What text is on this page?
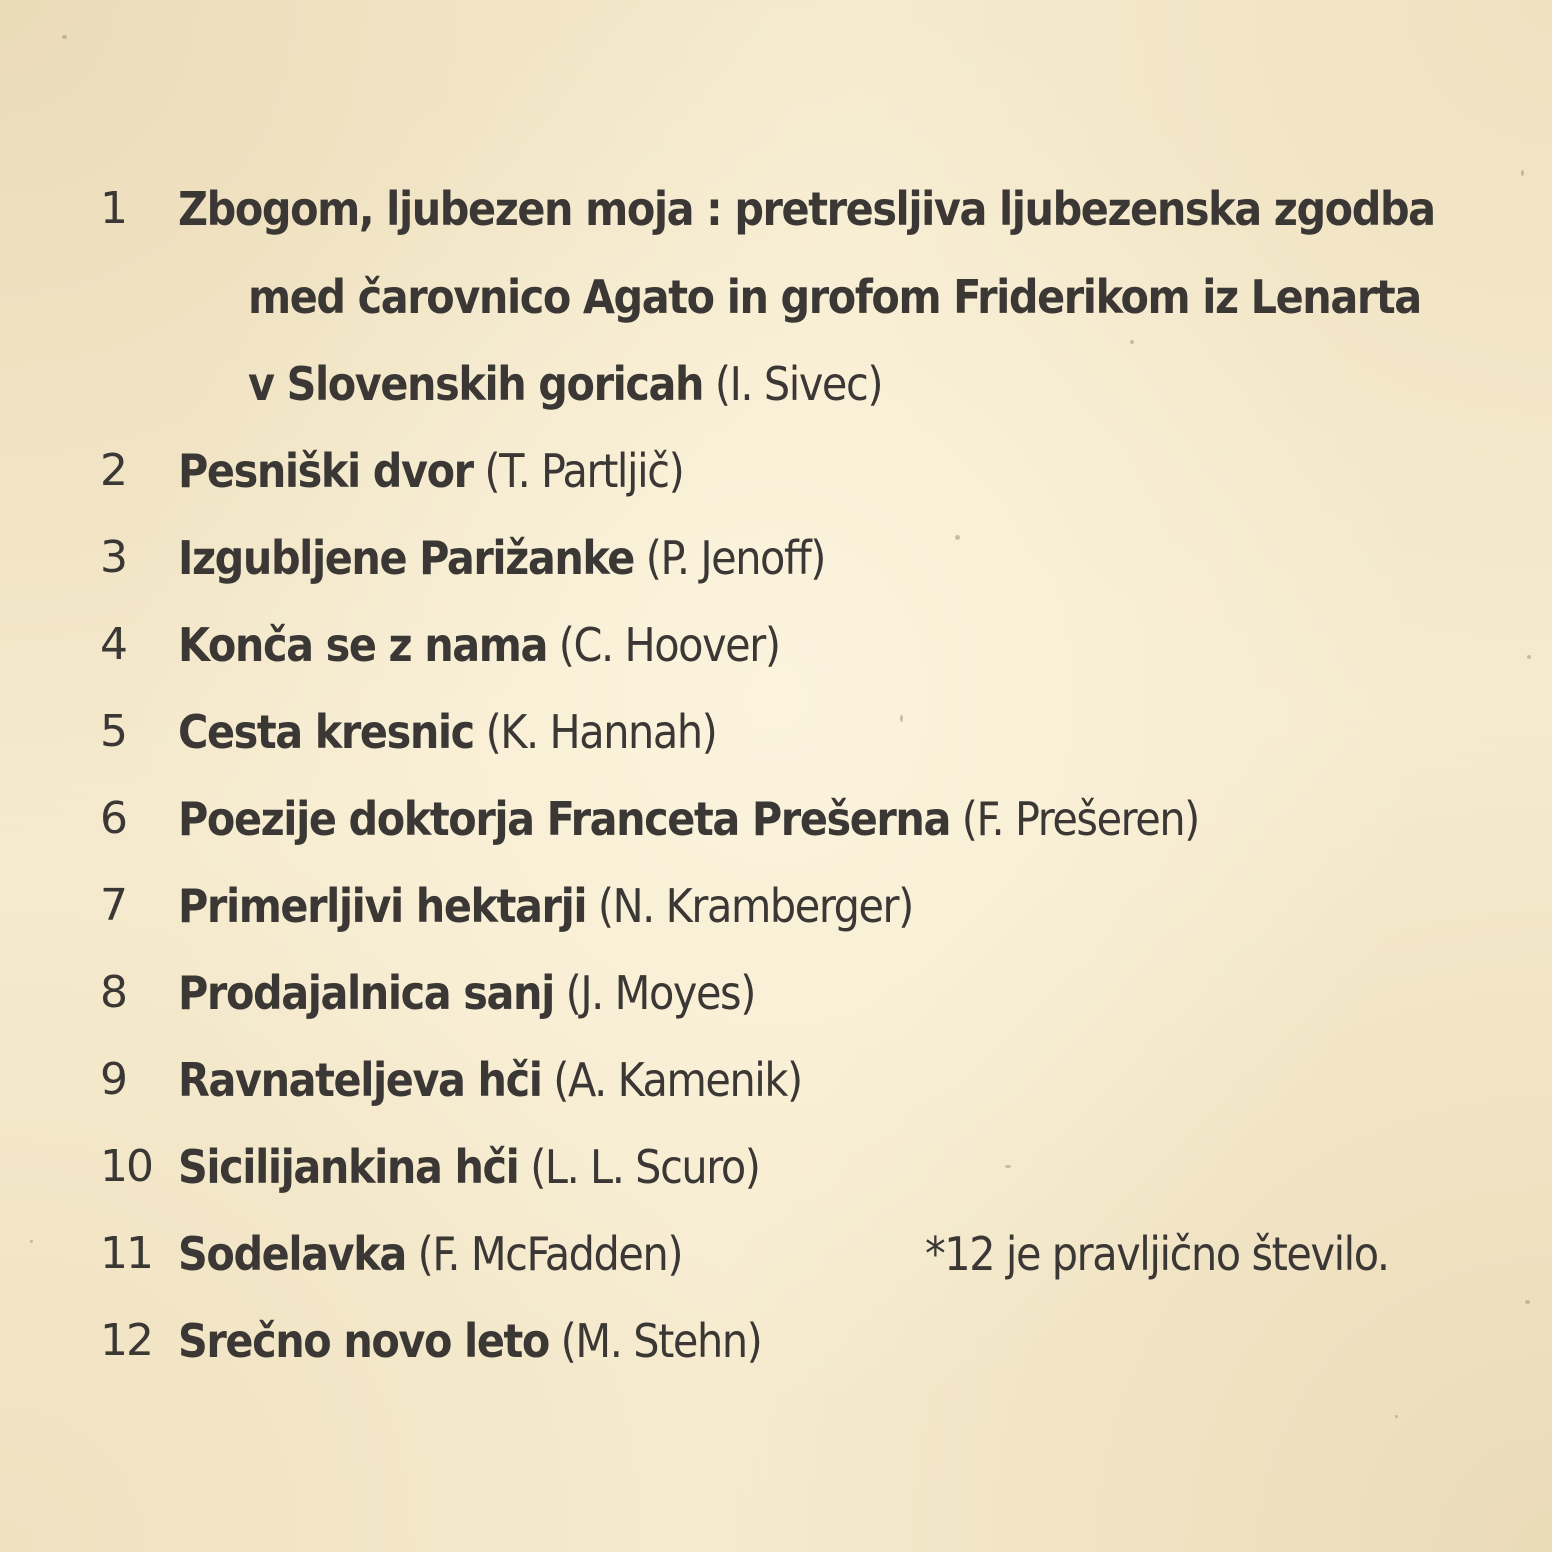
1 Zbogom, ljubezen moja : pretresljiva ljubezenska zgodba
med čarovnico Agato in grofom Friderikom iz Lenarta
v Slovenskih goricah (I. Sivec)
2 Pesniški dvor (T. Partljič)
3 Izgubljene Parižanke (P. Jenoff)
4 Konča se z nama (C. Hoover)
5 Cesta kresnic (K. Hannah)
6 Poezije doktorja Franceta Prešerna (F. Prešeren)
7 Primerljivi hektarji (N. Kramberger)
8 Prodajalnica sanj (J. Moyes)
9 Ravnateljeva hči (A. Kamenik)
10 Sicilijankina hči (L. L. Scuro)
11 Sodelavka (F. McFadden)	*12 je pravljično število.
12 Srečno novo leto (M. Stehn)
